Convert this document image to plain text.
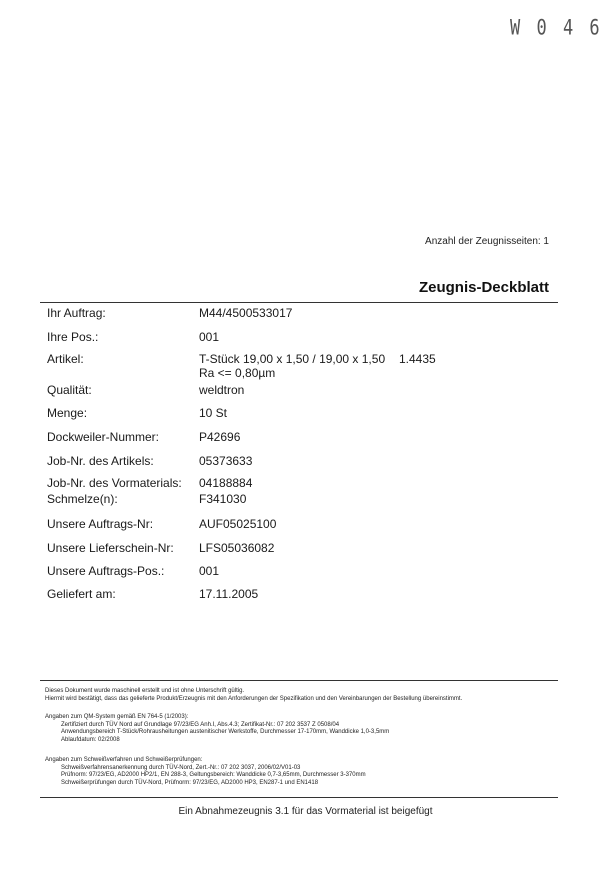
W 0 4 6
Anzahl der Zeugnisseiten: 1
Zeugnis-Deckblatt
Ihr Auftrag:	M44/4500533017
Ihre Pos.:	001
Artikel:	T-Stück 19,00 x 1,50 / 19,00 x 1,50 1.4435
Ra <= 0,80µm
Qualität:	weldtron
Menge:	10 St
Dockweiler-Nummer:	P42696
Job-Nr. des Artikels:	05373633
Job-Nr. des Vormaterials: 04188884
Schmelze(n):	F341030
Unsere Auftrags-Nr:	AUF05025100
Unsere Lieferschein-Nr: LFS05036082
Unsere Auftrags-Pos.:	001
Geliefert am:	17.11.2005
Dieses Dokument wurde maschinell erstellt und ist ohne Unterschrift gültig.
Hiermit wird bestätigt, dass das gelieferte Produkt/Erzeugnis mit den Anforderungen der Spezifikation und den Vereinbarungen der Bestellung übereinstimmt.
Angaben zum QM-System gemäß EN 764-5 (1/2003):
Zertifiziert durch TÜV Nord auf Grundlage 97/23/EG Anh.I, Abs.4.3; Zertifikat-Nr.: 07 202 3537 Z 0508/04
Anwendungsbereich T-Stück/Rohrausheitungen austenitischer Werkstoffe, Durchmesser 17-170mm, Wanddicke 1,0-3,5mm
Ablaufdatum: 02/2008
Angaben zum Schweißverfahren und Schweißerprüfungen:
Schweißverfahrensanerkennung durch TÜV-Nord, Zert.-Nr.: 07 202 3037, 2006/02/V01-03
Prüfnorm: 97/23/EG, AD2000 HP2/1, EN 288-3, Geltungsbereich: Wanddicke 0,7-3,65mm, Durchmesser 3-370mm
Schweißerprüfungen durch TÜV-Nord, Prüfnorm: 97/23/EG, AD2000 HP3, EN287-1 und EN1418
Ein Abnahmezeugnis 3.1 für das Vormaterial ist beigefügt
